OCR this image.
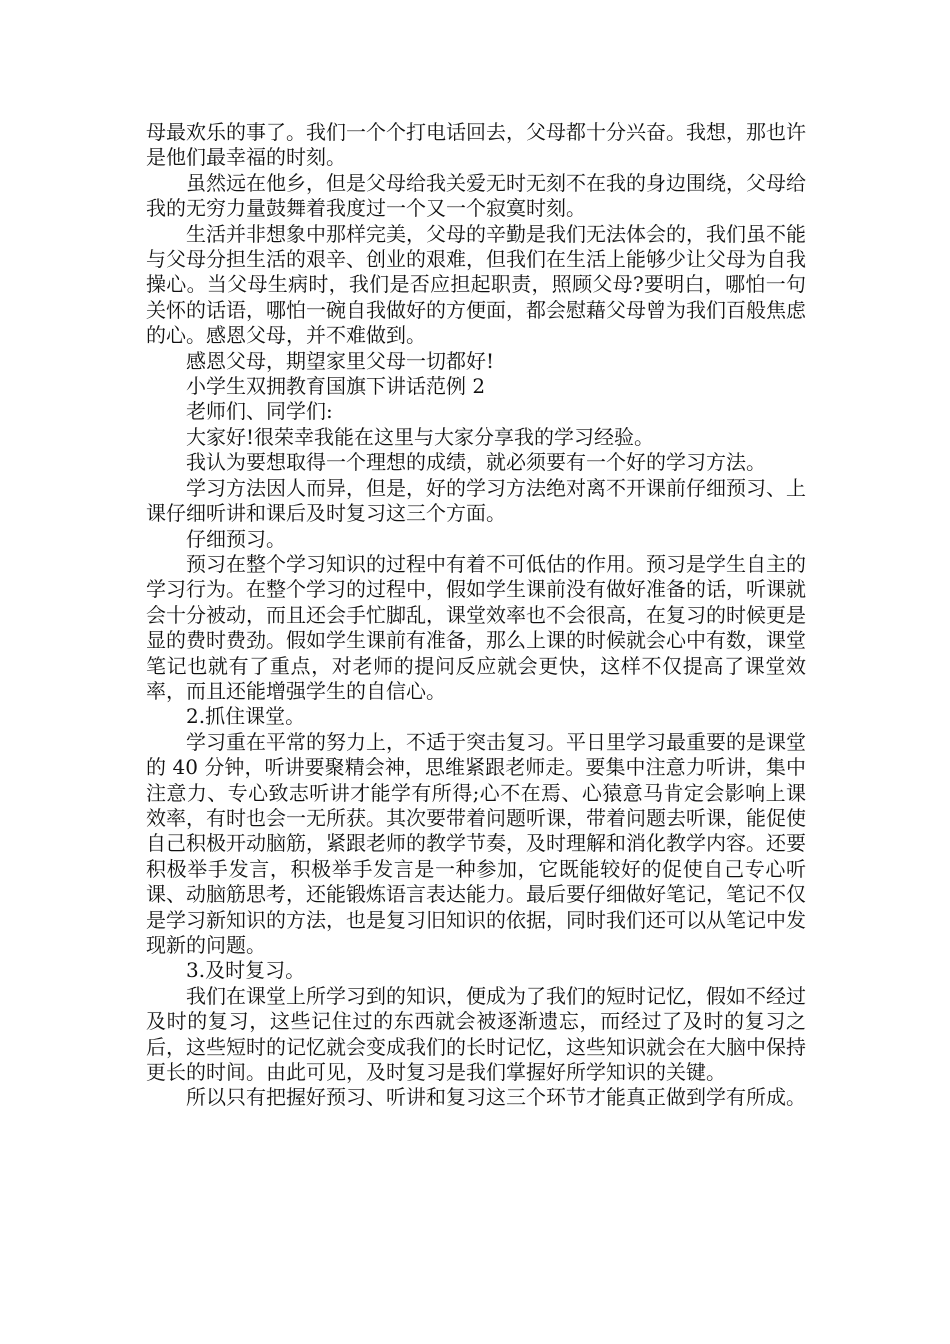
母最欢乐的事了。我们一个个打电话回去，父母都十分兴奋。我想，那也许是他们最幸福的时刻。

虽然远在他乡，但是父母给我关爱无时无刻不在我的身边围绕，父母给我的无穷力量鼓舞着我度过一个又一个寂寞时刻。

生活并非想象中那样完美，父母的辛勤是我们无法体会的，我们虽不能与父母分担生活的艰辛、创业的艰难，但我们在生活上能够少让父母为自我操心。当父母生病时，我们是否应担起职责，照顾父母?要明白，哪怕一句关怀的话语，哪怕一碗自我做好的方便面，都会慰藉父母曾为我们百般焦虑的心。感恩父母，并不难做到。

感恩父母，期望家里父母一切都好!

小学生双拥教育国旗下讲话范例 2

老师们、同学们:

大家好!很荣幸我能在这里与大家分享我的学习经验。

我认为要想取得一个理想的成绩，就必须要有一个好的学习方法。

学习方法因人而异，但是，好的学习方法绝对离不开课前仔细预习、上课仔细听讲和课后及时复习这三个方面。

仔细预习。

预习在整个学习知识的过程中有着不可低估的作用。预习是学生自主的学习行为。在整个学习的过程中，假如学生课前没有做好准备的话，听课就会十分被动，而且还会手忙脚乱，课堂效率也不会很高，在复习的时候更是显的费时费劲。假如学生课前有准备，那么上课的时候就会心中有数，课堂笔记也就有了重点，对老师的提问反应就会更快，这样不仅提高了课堂效率，而且还能增强学生的自信心。

2.抓住课堂。

学习重在平常的努力上，不适于突击复习。平日里学习最重要的是课堂的 40 分钟，听讲要聚精会神，思维紧跟老师走。要集中注意力听讲，集中注意力、专心致志听讲才能学有所得;心不在焉、心猿意马肯定会影响上课效率，有时也会一无所获。其次要带着问题听课，带着问题去听课，能促使自己积极开动脑筋，紧跟老师的教学节奏，及时理解和消化教学内容。还要积极举手发言，积极举手发言是一种参加，它既能较好的促使自己专心听课、动脑筋思考，还能锻炼语言表达能力。最后要仔细做好笔记，笔记不仅是学习新知识的方法，也是复习旧知识的依据，同时我们还可以从笔记中发现新的问题。

3.及时复习。

我们在课堂上所学习到的知识，便成为了我们的短时记忆，假如不经过及时的复习，这些记住过的东西就会被逐渐遗忘，而经过了及时的复习之后，这些短时的记忆就会变成我们的长时记忆，这些知识就会在大脑中保持更长的时间。由此可见，及时复习是我们掌握好所学知识的关键。

所以只有把握好预习、听讲和复习这三个环节才能真正做到学有所成。
